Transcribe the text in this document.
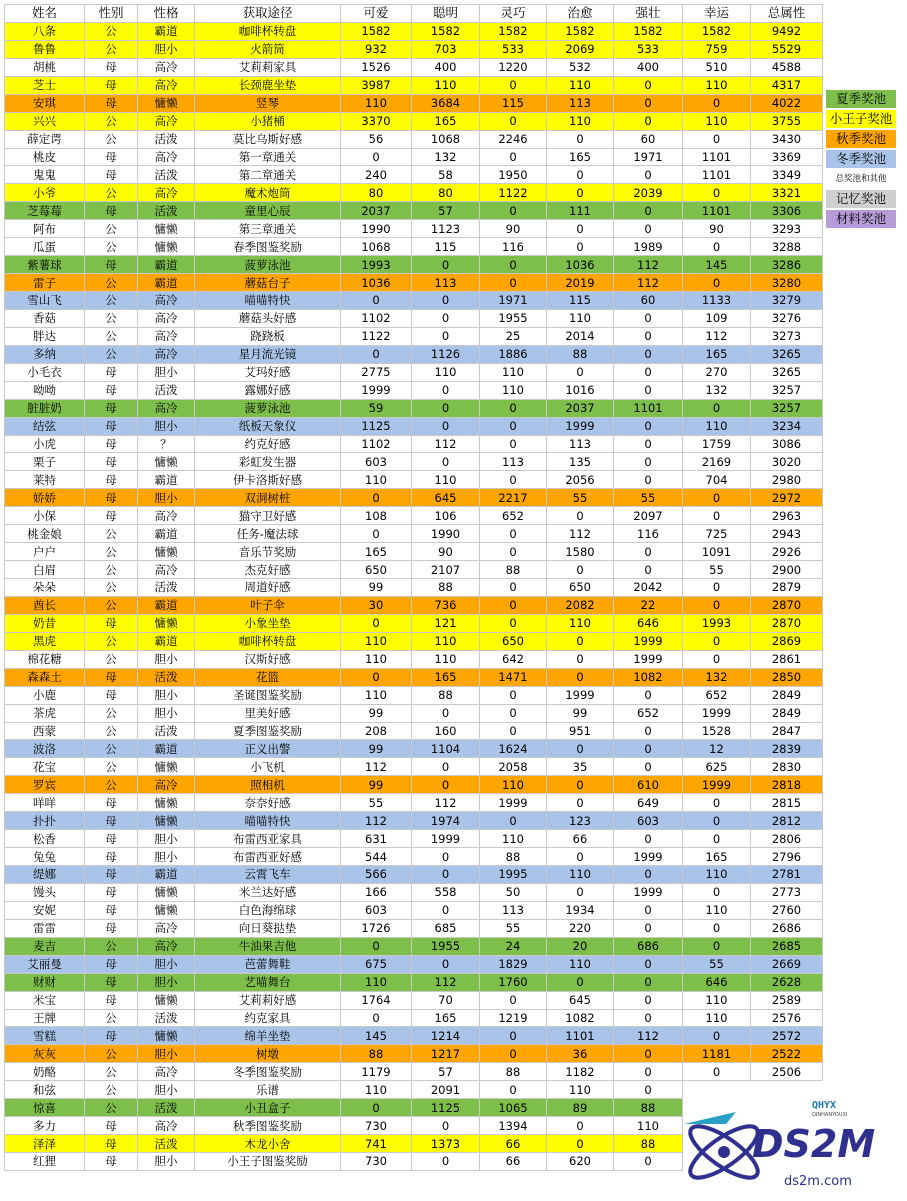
姓名	性别	性格	获取途径	可爱	聪明	灵巧	治愈	强壮	幸运	总属性
八条	公	霸道	咖啡杯转盘	1582	1582	1582	1582	1582	1582	9492
鲁鲁	公	胆小	火箭筒	932	703	533	2069	533	759	5529
胡桃	母	高冷	艾莉莉家具	1526	400	1220	532	400	510	4588
芝士	母	高冷	长颈鹿坐垫	3987	110	0	110	0	110	4317
安琪	母	慵懒	竖琴	110	3684	115	113	0	0	4022
兴兴	公	高冷	小猪桶	3370	165	0	110	0	110	3755
薛定谔	公	活泼	莫比乌斯好感	56	1068	2246	0	60	0	3430
桃皮	母	高冷	第一章通关	0	132	0	165	1971	1101	3369
鬼鬼	母	活泼	第二章通关	240	58	1950	0	0	1101	3349
小爷	公	高冷	魔术炮筒	80	80	1122	0	2039	0	3321
芝莓莓	母	活泼	童里心辰	2037	57	0	111	0	1101	3306
阿布	公	慵懒	第三章通关	1990	1123	90	0	0	90	3293
瓜蛋	公	慵懒	春季图鉴奖励	1068	115	116	0	1989	0	3288
紫薯球	母	霸道	菠萝泳池	1993	0	0	1036	112	145	3286
雷子	公	霸道	蘑菇台子	1036	113	0	2019	112	0	3280
雪山飞	公	高冷	喵喵特快	0	0	1971	115	60	1133	3279
香菇	公	高冷	蘑菇头好感	1102	0	1955	110	0	109	3276
胖达	公	高冷	跷跷板	1122	0	25	2014	0	112	3273
多纳	公	高冷	星月流光镜	0	1126	1886	88	0	165	3265
小毛衣	母	胆小	艾玛好感	2775	110	110	0	0	270	3265
呦呦	母	活泼	露娜好感	1999	0	110	1016	0	132	3257
脏脏奶	母	高冷	菠萝泳池	59	0	0	2037	1101	0	3257
结弦	母	胆小	纸板天象仪	1125	0	0	1999	0	110	3234
小虎	母	？	约克好感	1102	112	0	113	0	1759	3086
栗子	母	慵懒	彩虹发生器	603	0	113	135	0	2169	3020
莱特	母	霸道	伊卡洛斯好感	110	110	0	2056	0	704	2980
娇娇	母	胆小	双洞树桩	0	645	2217	55	55	0	2972
小保	母	高冷	猫守卫好感	108	106	652	0	2097	0	2963
桃金娘	公	霸道	任务-魔法球	0	1990	0	112	116	725	2943
户户	公	慵懒	音乐节奖励	165	90	0	1580	0	1091	2926
白眉	公	高冷	杰克好感	650	2107	88	0	0	55	2900
朵朵	公	活泼	周道好感	99	88	0	650	2042	0	2879
酋长	公	霸道	叶子伞	30	736	0	2082	22	0	2870
奶昔	母	慵懒	小象坐垫	0	121	0	110	646	1993	2870
黑虎	公	霸道	咖啡杯转盘	110	110	650	0	1999	0	2869
棉花糖	公	胆小	汉斯好感	110	110	642	0	1999	0	2861
森森土	母	活泼	花篮	0	165	1471	0	1082	132	2850
小鹿	母	胆小	圣诞图鉴奖励	110	88	0	1999	0	652	2849
茶虎	公	胆小	里美好感	99	0	0	99	652	1999	2849
西蒙	公	活泼	夏季图鉴奖励	208	160	0	951	0	1528	2847
波洛	公	霸道	正义出警	99	1104	1624	0	0	12	2839
花宝	公	慵懒	小飞机	112	0	2058	35	0	625	2830
罗宾	公	高冷	照相机	99	0	110	0	610	1999	2818
咩咩	母	慵懒	奈奈好感	55	112	1999	0	649	0	2815
扑扑	母	慵懒	喵喵特快	112	1974	0	123	603	0	2812
松香	母	胆小	布雷西亚家具	631	1999	110	66	0	0	2806
兔兔	母	胆小	布雷西亚好感	544	0	88	0	1999	165	2796
缇娜	母	霸道	云霄飞车	566	0	1995	110	0	110	2781
馒头	母	慵懒	米兰达好感	166	558	50	0	1999	0	2773
安妮	母	慵懒	白色海绵球	603	0	113	1934	0	110	2760
雷雷	母	高冷	向日葵挞垫	1726	685	55	220	0	0	2686
麦吉	公	高冷	牛油果吉他	0	1955	24	20	686	0	2685
艾丽曼	母	胆小	芭蕾舞鞋	675	0	1829	110	0	55	2669
财财	母	胆小	艺喵舞台	110	112	1760	0	0	646	2628
米宝	母	慵懒	艾莉莉好感	1764	70	0	645	0	110	2589
王牌	公	活泼	约克家具	0	165	1219	1082	0	110	2576
雪糕	母	慵懒	绵羊坐垫	145	1214	0	1101	112	0	2572
灰灰	公	胆小	树墩	88	1217	0	36	0	1181	2522
奶酪	公	高冷	冬季图鉴奖励	1179	57	88	1182	0	0	2506
和弦	公	胆小	乐谱	110	2091	0	110	0		
惊喜	公	活泼	小丑盒子	0	1125	1065	89	88		
多力	母	高冷	秋季图鉴奖励	730	0	1394	0	110		
泽泽	母	活泼	木龙小舍	741	1373	66	0	88		
红狸	母	胆小	小王子图鉴奖励	730	0	66	620	0		
夏季奖池
小王子奖池
秋季奖池
冬季奖池
总奖池和其他
记忆奖池
材料奖池
QHYX
QINHANYOUXI
DS2M
ds2m.com
